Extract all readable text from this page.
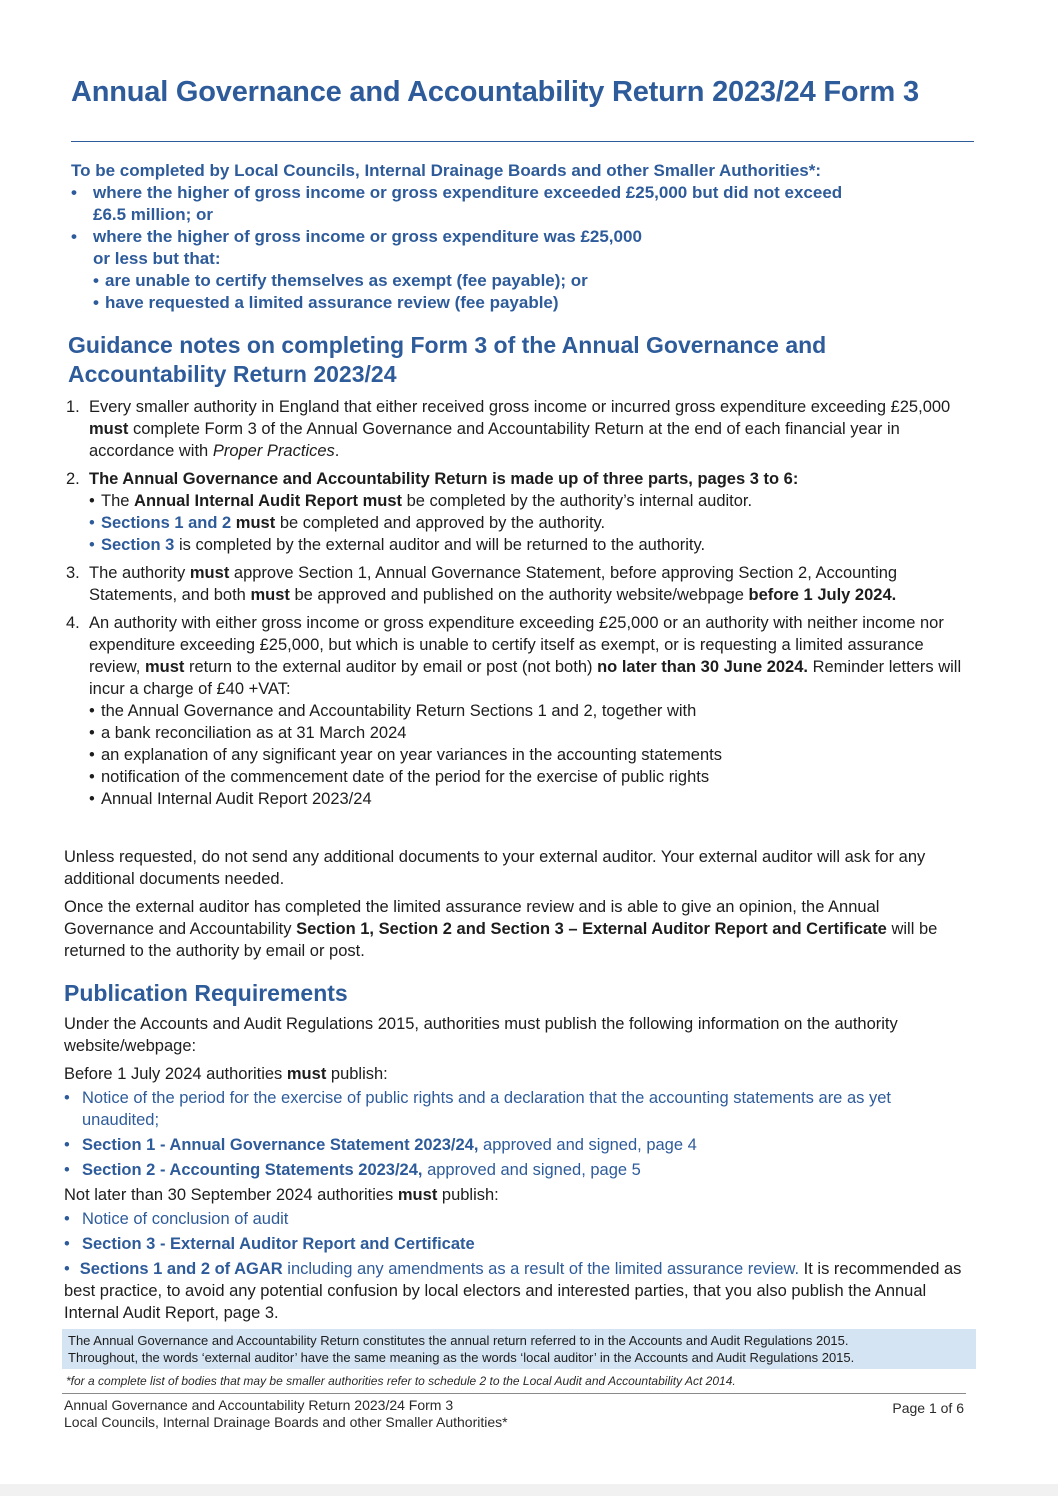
Annual Governance and Accountability Return 2023/24 Form 3
To be completed by Local Councils, Internal Drainage Boards and other Smaller Authorities*:
• where the higher of gross income or gross expenditure exceeded £25,000 but did not exceed
£6.5 million; or
• where the higher of gross income or gross expenditure was £25,000
or less but that:
• are unable to certify themselves as exempt (fee payable); or
• have requested a limited assurance review (fee payable)
Guidance notes on completing Form 3 of the Annual Governance and
Accountability Return 2023/24
1. Every smaller authority in England that either received gross income or incurred gross expenditure exceeding £25,000 must complete Form 3 of the Annual Governance and Accountability Return at the end of each financial year in accordance with Proper Practices.
2. The Annual Governance and Accountability Return is made up of three parts, pages 3 to 6:
• The Annual Internal Audit Report must be completed by the authority’s internal auditor.
• Sections 1 and 2 must be completed and approved by the authority.
• Section 3 is completed by the external auditor and will be returned to the authority.
3. The authority must approve Section 1, Annual Governance Statement, before approving Section 2, Accounting Statements, and both must be approved and published on the authority website/webpage before 1 July 2024.
4. An authority with either gross income or gross expenditure exceeding £25,000 or an authority with neither income nor expenditure exceeding £25,000, but which is unable to certify itself as exempt, or is requesting a limited assurance review, must return to the external auditor by email or post (not both) no later than 30 June 2024. Reminder letters will incur a charge of £40 +VAT:
• the Annual Governance and Accountability Return Sections 1 and 2, together with
• a bank reconciliation as at 31 March 2024
• an explanation of any significant year on year variances in the accounting statements
• notification of the commencement date of the period for the exercise of public rights
• Annual Internal Audit Report 2023/24
Unless requested, do not send any additional documents to your external auditor. Your external auditor will ask for any additional documents needed.
Once the external auditor has completed the limited assurance review and is able to give an opinion, the Annual Governance and Accountability Section 1, Section 2 and Section 3 – External Auditor Report and Certificate will be returned to the authority by email or post.
Publication Requirements
Under the Accounts and Audit Regulations 2015, authorities must publish the following information on the authority website/webpage:
Before 1 July 2024 authorities must publish:
• Notice of the period for the exercise of public rights and a declaration that the accounting statements are as yet unaudited;
• Section 1 - Annual Governance Statement 2023/24, approved and signed, page 4
• Section 2 - Accounting Statements 2023/24, approved and signed, page 5
Not later than 30 September 2024 authorities must publish:
• Notice of conclusion of audit
• Section 3 - External Auditor Report and Certificate
• Sections 1 and 2 of AGAR including any amendments as a result of the limited assurance review. It is recommended as best practice, to avoid any potential confusion by local electors and interested parties, that you also publish the Annual Internal Audit Report, page 3.
The Annual Governance and Accountability Return constitutes the annual return referred to in the Accounts and Audit Regulations 2015.
Throughout, the words ‘external auditor’ have the same meaning as the words ‘local auditor’ in the Accounts and Audit Regulations 2015.
*for a complete list of bodies that may be smaller authorities refer to schedule 2 to the Local Audit and Accountability Act 2014.
Annual Governance and Accountability Return 2023/24 Form 3
Local Councils, Internal Drainage Boards and other Smaller Authorities*
Page 1 of 6
